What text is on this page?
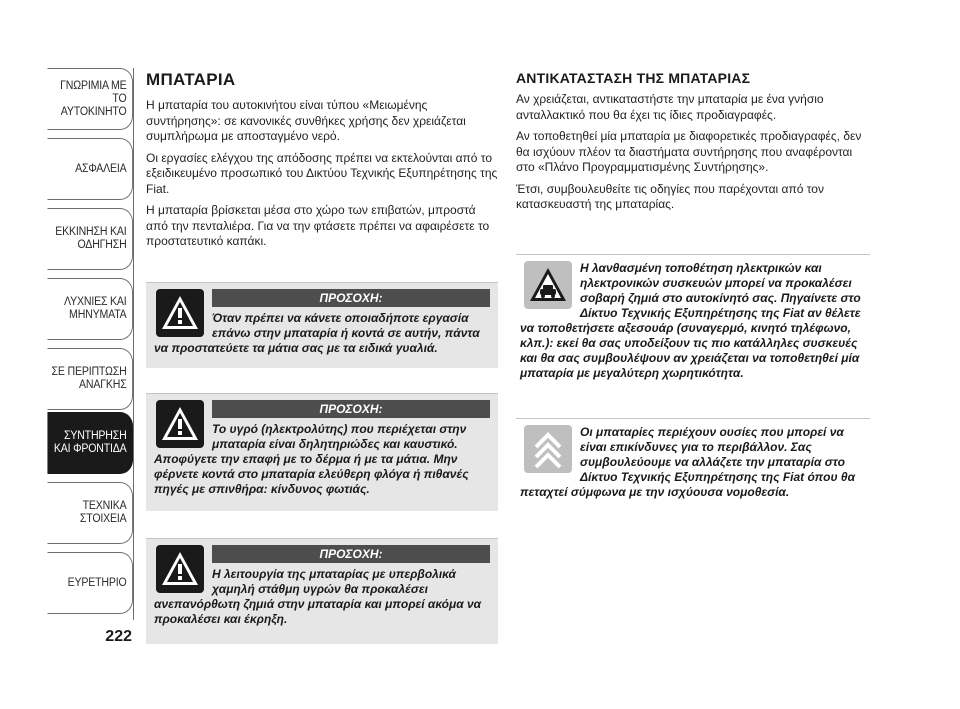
ΓΝΩΡΙΜΙΑ ΜΕ ΤΟ ΑΥΤΟΚΙΝΗΤΟ
ΑΣΦΑΛΕΙΑ
ΕΚΚΙΝΗΣΗ ΚΑΙ ΟΔΗΓΗΣΗ
ΛΥΧΝΙΕΣ ΚΑΙ ΜΗΝΥΜΑΤΑ
ΣΕ ΠΕΡΙΠΤΩΣΗ ΑΝΑΓΚΗΣ
ΣΥΝΤΗΡΗΣΗ ΚΑΙ ΦΡΟΝΤΙΔΑ
ΤΕΧΝΙΚΑ ΣΤΟΙΧΕΙΑ
ΕΥΡΕΤΗΡΙΟ
222
ΜΠΑΤΑΡΙΑ

Η μπαταρία του αυτοκινήτου είναι τύπου «Μειωμένης συντήρησης»: σε κανονικές συνθήκες χρήσης δεν χρειάζεται συμπλήρωμα με αποσταγμένο νερό.

Οι εργασίες ελέγχου της απόδοσης πρέπει να εκτελούνται από το εξειδικευμένο προσωπικό του Δικτύου Τεχνικής Εξυπηρέτησης της Fiat.

Η μπαταρία βρίσκεται μέσα στο χώρο των επιβατών, μπροστά από την πενταλιέρα. Για να την φτάσετε πρέπει να αφαιρέσετε το προστατευτικό καπάκι.

ΠΡΟΣΟΧΗ:
Όταν πρέπει να κάνετε οποιαδήποτε εργασία επάνω στην μπαταρία ή κοντά σε αυτήν, πάντα να προστατεύετε τα μάτια σας με τα ειδικά γυαλιά.
ΠΡΟΣΟΧΗ:
Το υγρό (ηλεκτρολύτης) που περιέχεται στην μπαταρία είναι δηλητηριώδες και καυστικό. Αποφύγετε την επαφή με το δέρμα ή με τα μάτια. Μην φέρνετε κοντά στο μπαταρία ελεύθερη φλόγα ή πιθανές πηγές με σπινθήρα: κίνδυνος φωτιάς.
ΠΡΟΣΟΧΗ:
Η λειτουργία της μπαταρίας με υπερβολικά χαμηλή στάθμη υγρών θα προκαλέσει ανεπανόρθωτη ζημιά στην μπαταρία και μπορεί ακόμα να προκαλέσει και έκρηξη.
ΑΝΤΙΚΑΤΑΣΤΑΣΗ ΤΗΣ ΜΠΑΤΑΡΙΑΣ

Αν χρειάζεται, αντικαταστήστε την μπαταρία με ένα γνήσιο ανταλλακτικό που θα έχει τις ίδιες προδιαγραφές.

Αν τοποθετηθεί μία μπαταρία με διαφορετικές προδιαγραφές, δεν θα ισχύουν πλέον τα διαστήματα συντήρησης που αναφέρονται στο «Πλάνο Προγραμματισμένης Συντήρησης».

Έτσι, συμβουλευθείτε τις οδηγίες που παρέχονται από τον κατασκευαστή της μπαταρίας.

Η λανθασμένη τοποθέτηση ηλεκτρικών και ηλεκτρονικών συσκευών μπορεί να προκαλέσει σοβαρή ζημιά στο αυτοκίνητό σας. Πηγαίνετε στο Δίκτυο Τεχνικής Εξυπηρέτησης της Fiat αν θέλετε να τοποθετήσετε αξεσουάρ (συναγερμό, κινητό τηλέφωνο, κλπ.): εκεί θα σας υποδείξουν τις πιο κατάλληλες συσκευές και θα σας συμβουλέψουν αν χρειάζεται να τοποθετηθεί μία μπαταρία με μεγαλύτερη χωρητικότητα.
Οι μπαταρίες περιέχουν ουσίες που μπορεί να είναι επικίνδυνες για το περιβάλλον. Σας συμβουλεύουμε να αλλάζετε την μπαταρία στο Δίκτυο Τεχνικής Εξυπηρέτησης της Fiat όπου θα πεταχτεί σύμφωνα με την ισχύουσα νομοθεσία.
